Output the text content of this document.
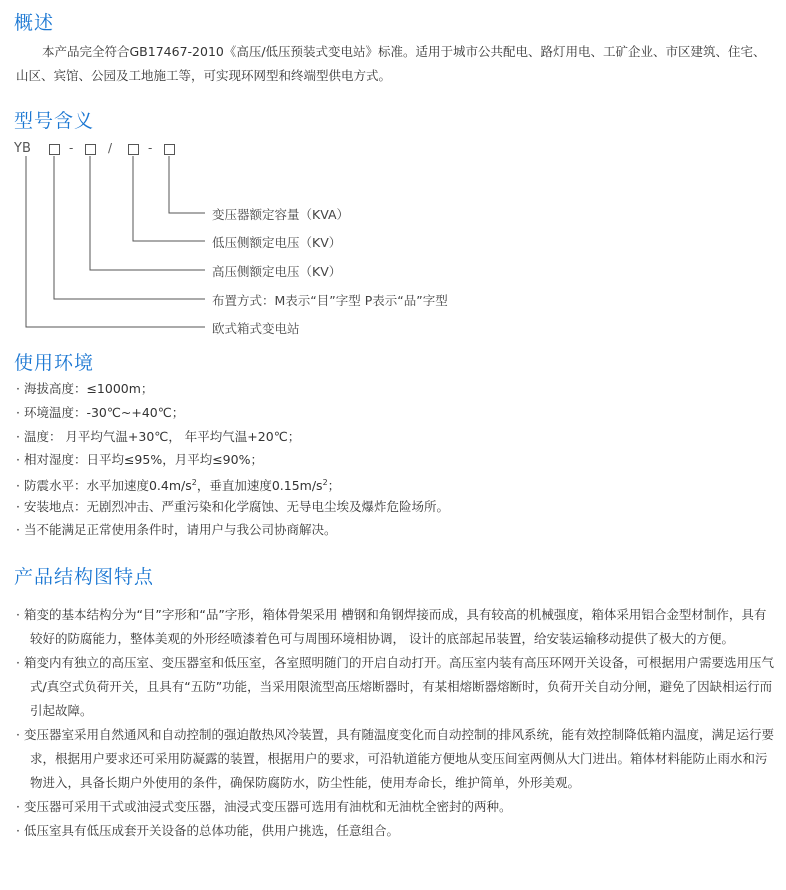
概述

本产品完全符合GB17467-2010《高压/低压预装式变电站》标准。适用于城市公共配电、路灯用电、工矿企业、市区建筑、住宅、山区、宾馆、公园及工地施工等，可实现环网型和终端型供电方式。

型号含义
YB	-	/	-
变压器额定容量（KVA）
低压侧额定电压（KV）
高压侧额定电压（KV）
布置方式：M表示“目”字型 P表示“品”字型
欧式箱式变电站
使用环境
· 海拔高度：≤1000m；
· 环境温度：-30℃~+40℃；
· 温度： 月平均气温+30℃， 年平均气温+20℃；
· 相对湿度：日平均≤95%，月平均≤90%；
· 防震水平：水平加速度$0.4m/s^2$，垂直加速度$0.15m/s^2$；
· 安装地点：无剧烈冲击、严重污染和化学腐蚀、无导电尘埃及爆炸危险场所。
· 当不能满足正常使用条件时，请用户与我公司协商解决。
产品结构图特点
· 箱变的基本结构分为“目”字形和“品”字形，箱体骨架采用 槽钢和角钢焊接而成，具有较高的机械强度，箱体采用铝合金型材制作，具有较好的防腐能力，整体美观的外形经喷漆着色可与周围环境相协调， 设计的底部起吊装置，给安装运输移动提供了极大的方便。
· 箱变内有独立的高压室、变压器室和低压室，各室照明随门的开启自动打开。高压室内装有高压环网开关设备，可根据用户需要选用压气式/真空式负荷开关，且具有“五防”功能，当采用限流型高压熔断器时，有某相熔断器熔断时，负荷开关自动分闸，避免了因缺相运行而引起故障。
· 变压器室采用自然通风和自动控制的强迫散热风冷装置，具有随温度变化而自动控制的排风系统，能有效控制降低箱内温度，满足运行要求，根据用户要求还可采用防凝露的装置，根据用户的要求，可沿轨道能方便地从变压间室两侧从大门进出。箱体材料能防止雨水和污物进入，具备长期户外使用的条件，确保防腐防水，防尘性能，使用寿命长，维护简单，外形美观。
· 变压器可采用干式或油浸式变压器，油浸式变压器可选用有油枕和无油枕全密封的两种。
· 低压室具有低压成套开关设备的总体功能，供用户挑选，任意组合。
